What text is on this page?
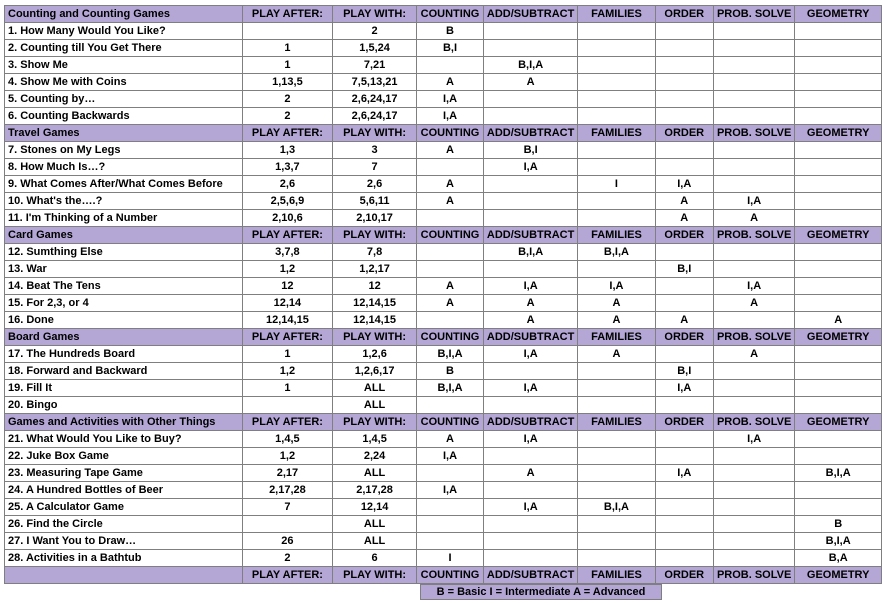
Counting and Counting Games	PLAY AFTER:	PLAY WITH:	COUNTING	ADD/SUBTRACT	FAMILIES	ORDER	PROB. SOLVE	GEOMETRY
1. How Many Would You Like?		2	B					
2. Counting till You Get There	1	1,5,24	B,I					
3. Show Me	1	7,21		B,I,A				
4. Show Me with Coins	1,13,5	7,5,13,21	A	A				
5. Counting by…	2	2,6,24,17	I,A					
6. Counting Backwards	2	2,6,24,17	I,A					
Travel Games	PLAY AFTER:	PLAY WITH:	COUNTING	ADD/SUBTRACT	FAMILIES	ORDER	PROB. SOLVE	GEOMETRY
7. Stones on My Legs	1,3	3	A	B,I				
8. How Much Is…?	1,3,7	7		I,A				
9. What Comes After/What Comes Before	2,6	2,6	A		I	I,A		
10. What's the….?	2,5,6,9	5,6,11	A			A	I,A	
11. I'm Thinking of a Number	2,10,6	2,10,17				A	A	
Card Games	PLAY AFTER:	PLAY WITH:	COUNTING	ADD/SUBTRACT	FAMILIES	ORDER	PROB. SOLVE	GEOMETRY
12. Sumthing Else	3,7,8	7,8		B,I,A	B,I,A			
13. War	1,2	1,2,17				B,I		
14. Beat The Tens	12	12	A	I,A	I,A		I,A	
15. For 2,3, or 4	12,14	12,14,15	A	A	A		A	
16. Done	12,14,15	12,14,15		A	A	A		A
Board Games	PLAY AFTER:	PLAY WITH:	COUNTING	ADD/SUBTRACT	FAMILIES	ORDER	PROB. SOLVE	GEOMETRY
17. The Hundreds Board	1	1,2,6	B,I,A	I,A	A		A	
18. Forward and Backward	1,2	1,2,6,17	B			B,I		
19. Fill It	1	ALL	B,I,A	I,A		I,A		
20. Bingo		ALL						
Games and Activities with Other Things	PLAY AFTER:	PLAY WITH:	COUNTING	ADD/SUBTRACT	FAMILIES	ORDER	PROB. SOLVE	GEOMETRY
21. What Would You Like to Buy?	1,4,5	1,4,5	A	I,A			I,A	
22. Juke Box Game	1,2	2,24	I,A					
23. Measuring Tape Game	2,17	ALL		A		I,A		B,I,A
24. A Hundred Bottles of Beer	2,17,28	2,17,28	I,A					
25. A Calculator Game	7	12,14		I,A	B,I,A			
26. Find the Circle		ALL						B
27. I Want You to Draw…	26	ALL						B,I,A
28. Activities in a Bathtub	2	6	I					B,A
	PLAY AFTER:	PLAY WITH:	COUNTING	ADD/SUBTRACT	FAMILIES	ORDER	PROB. SOLVE	GEOMETRY
B = Basic I = Intermediate A = Advanced
